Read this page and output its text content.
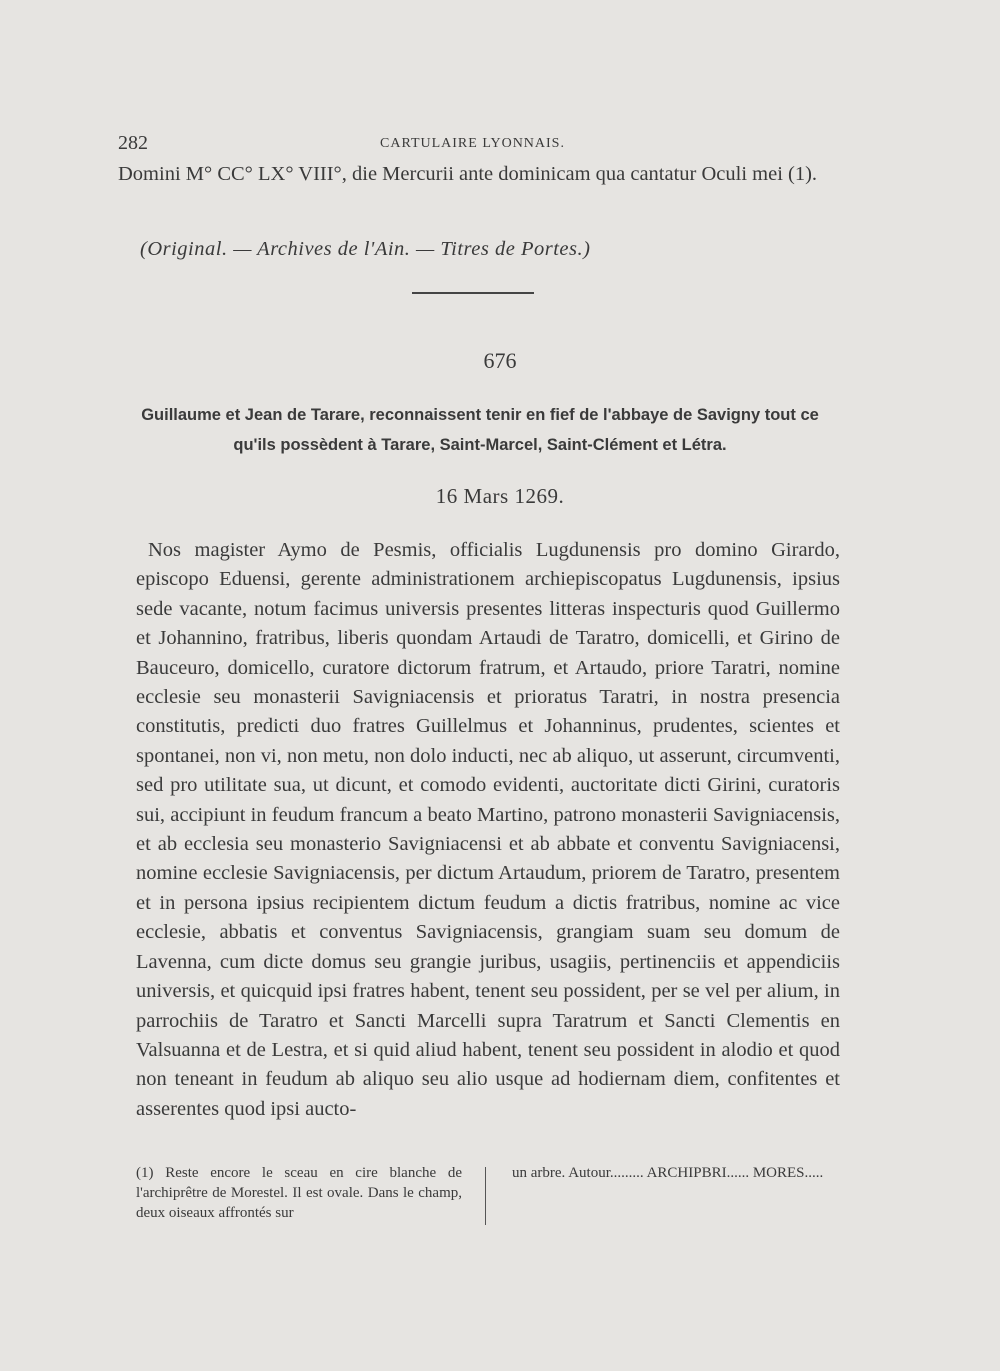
282	CARTULAIRE LYONNAIS.
Domini M° CC° LX° VIII°, die Mercurii ante dominicam qua cantatur Oculi mei (1).
(Original. — Archives de l'Ain. — Titres de Portes.)
676
Guillaume et Jean de Tarare, reconnaissent tenir en fief de l'abbaye de Savigny tout ce qu'ils possèdent à Tarare, Saint-Marcel, Saint-Clément et Létra.
16 Mars 1269.

Nos magister Aymo de Pesmis, officialis Lugdunensis pro domino Girardo, episcopo Eduensi, gerente administrationem archiepiscopatus Lugdunensis, ipsius sede vacante, notum facimus universis presentes litteras inspecturis quod Guillermo et Johannino, fratribus, liberis quondam Artaudi de Taratro, domicelli, et Girino de Bauceuro, domicello, curatore dictorum fratrum, et Artaudo, priore Taratri, nomine ecclesie seu monasterii Savigniacensis et prioratus Taratri, in nostra presencia constitutis, predicti duo fratres Guillelmus et Johanninus, prudentes, scientes et spontanei, non vi, non metu, non dolo inducti, nec ab aliquo, ut asserunt, circumventi, sed pro utilitate sua, ut dicunt, et comodo evidenti, auctoritate dicti Girini, curatoris sui, accipiunt in feudum francum a beato Martino, patrono monasterii Savigniacensis, et ab ecclesia seu monasterio Savigniacensi et ab abbate et conventu Savigniacensi, nomine ecclesie Savigniacensis, per dictum Artaudum, priorem de Taratro, presentem et in persona ipsius recipientem dictum feudum a dictis fratribus, nomine ac vice ecclesie, abbatis et conventus Savigniacensis, grangiam suam seu domum de Lavenna, cum dicte domus seu grangie juribus, usagiis, pertinenciis et appendiciis universis, et quicquid ipsi fratres habent, tenent seu possident, per se vel per alium, in parrochiis de Taratro et Sancti Marcelli supra Taratrum et Sancti Clementis en Valsuanna et de Lestra, et si quid aliud habent, tenent seu possident in alodio et quod non teneant in feudum ab aliquo seu alio usque ad hodiernam diem, confitentes et asserentes quod ipsi aucto-

(1) Reste encore le sceau en cire blanche de l'archiprêtre de Morestel. Il est ovale. Dans le champ, deux oiseaux affrontés sur
un arbre. Autour......... ARCHIPBRI...... MORES.....
